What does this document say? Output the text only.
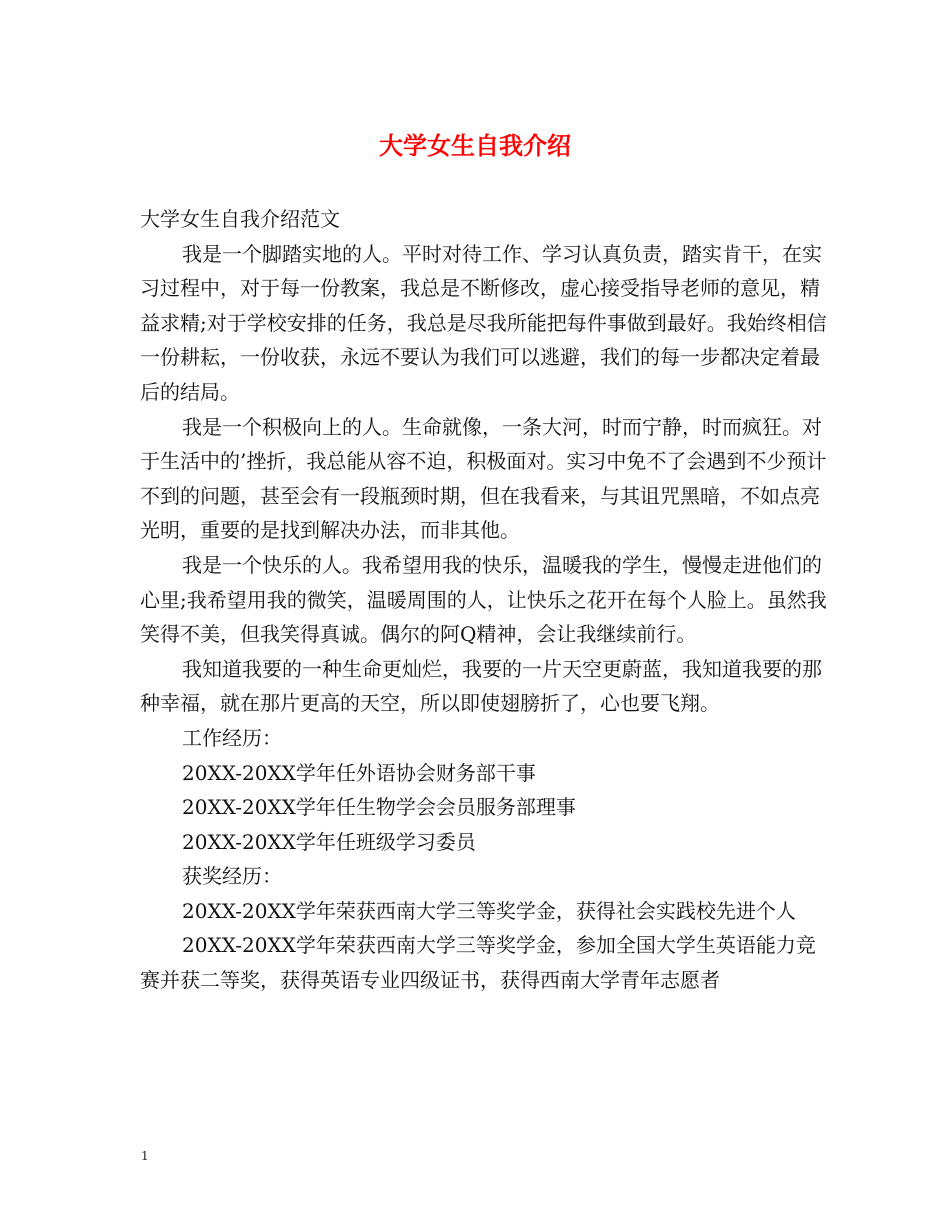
大学女生自我介绍

大学女生自我介绍范文

我是一个脚踏实地的人。平时对待工作、学习认真负责，踏实肯干，在实习过程中，对于每一份教案，我总是不断修改，虚心接受指导老师的意见，精益求精;对于学校安排的任务，我总是尽我所能把每件事做到最好。我始终相信一份耕耘，一份收获，永远不要认为我们可以逃避，我们的每一步都决定着最后的结局。

我是一个积极向上的人。生命就像，一条大河，时而宁静，时而疯狂。对于生活中的’挫折，我总能从容不迫，积极面对。实习中免不了会遇到不少预计不到的问题，甚至会有一段瓶颈时期，但在我看来，与其诅咒黑暗，不如点亮光明，重要的是找到解决办法，而非其他。

我是一个快乐的人。我希望用我的快乐，温暖我的学生，慢慢走进他们的心里;我希望用我的微笑，温暖周围的人，让快乐之花开在每个人脸上。虽然我笑得不美，但我笑得真诚。偶尔的阿Q精神，会让我继续前行。

我知道我要的一种生命更灿烂，我要的一片天空更蔚蓝，我知道我要的那种幸福，就在那片更高的天空，所以即使翅膀折了，心也要飞翔。

工作经历：

20XX-20XX学年任外语协会财务部干事

20XX-20XX学年任生物学会会员服务部理事

20XX-20XX学年任班级学习委员

获奖经历：

20XX-20XX学年荣获西南大学三等奖学金，获得社会实践校先进个人

20XX-20XX学年荣获西南大学三等奖学金，参加全国大学生英语能力竞赛并获二等奖，获得英语专业四级证书，获得西南大学青年志愿者

1
